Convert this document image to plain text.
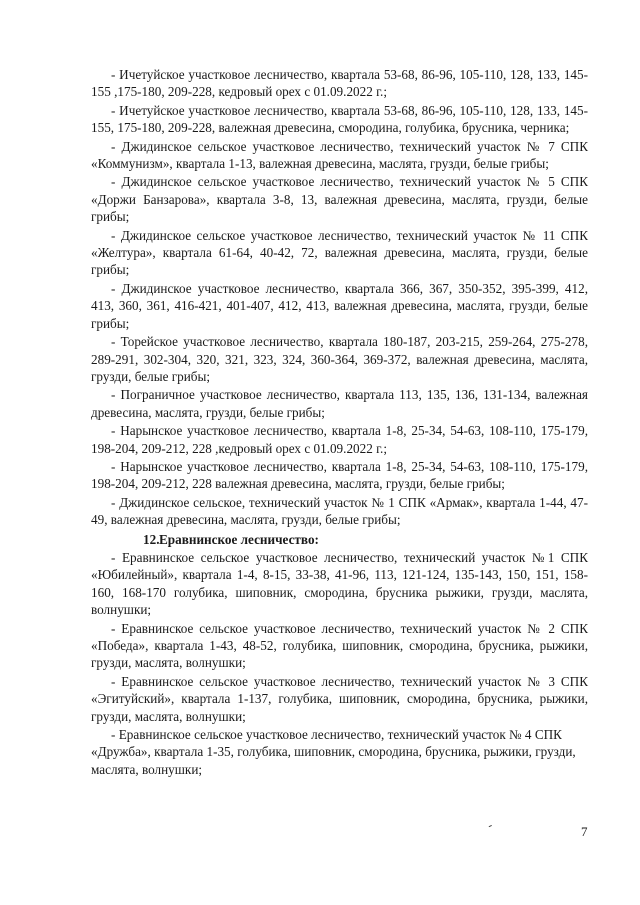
- Ичетуйское участковое лесничество, квартала 53-68, 86-96, 105-110, 128, 133, 145-155 ,175-180, 209-228, кедровый орех с 01.09.2022 г.;

- Ичетуйское участковое лесничество, квартала 53-68, 86-96, 105-110, 128, 133, 145-155, 175-180, 209-228, валежная древесина, смородина, голубика, брусника, черника;

- Джидинское сельское участковое лесничество, технический участок № 7 СПК «Коммунизм», квартала 1-13, валежная древесина, маслята, грузди, белые грибы;

- Джидинское сельское участковое лесничество, технический участок № 5 СПК «Доржи Банзарова», квартала 3-8, 13, валежная древесина, маслята, грузди, белые грибы;

- Джидинское сельское участковое лесничество, технический участок № 11 СПК «Желтура», квартала 61-64, 40-42, 72, валежная древесина, маслята, грузди, белые грибы;

- Джидинское участковое лесничество, квартала 366, 367, 350-352, 395-399, 412, 413, 360, 361, 416-421, 401-407, 412, 413, валежная древесина, маслята, грузди, белые грибы;

- Торейское участковое лесничество, квартала 180-187, 203-215, 259-264, 275-278, 289-291, 302-304, 320, 321, 323, 324, 360-364, 369-372, валежная древесина, маслята, грузди, белые грибы;

- Пограничное участковое лесничество, квартала 113, 135, 136, 131-134, валежная древесина, маслята, грузди, белые грибы;

- Нарынское участковое лесничество, квартала 1-8, 25-34, 54-63, 108-110, 175-179, 198-204, 209-212, 228 ,кедровый орех с 01.09.2022 г.;

- Нарынское участковое лесничество, квартала 1-8, 25-34, 54-63, 108-110, 175-179, 198-204, 209-212, 228 валежная древесина, маслята, грузди, белые грибы;

- Джидинское сельское, технический участок № 1 СПК «Армак», квартала 1-44, 47-49, валежная древесина, маслята, грузди, белые грибы;

12.Еравнинское лесничество:

- Еравнинское сельское участковое лесничество, технический участок №1 СПК «Юбилейный», квартала 1-4, 8-15, 33-38, 41-96, 113, 121-124, 135-143, 150, 151, 158-160, 168-170 голубика, шиповник, смородина, брусника рыжики, грузди, маслята, волнушки;

- Еравнинское сельское участковое лесничество, технический участок № 2 СПК «Победа», квартала 1-43, 48-52, голубика, шиповник, смородина, брусника, рыжики, грузди, маслята, волнушки;

- Еравнинское сельское участковое лесничество, технический участок № 3 СПК «Эгитуйский», квартала 1-137, голубика, шиповник, смородина, брусника, рыжики, грузди, маслята, волнушки;

- Еравнинское сельское участковое лесничество, технический участок № 4 СПК «Дружба», квартала 1-35, голубика, шиповник, смородина, брусника, рыжики, грузди, маслята, волнушки;

-	7
